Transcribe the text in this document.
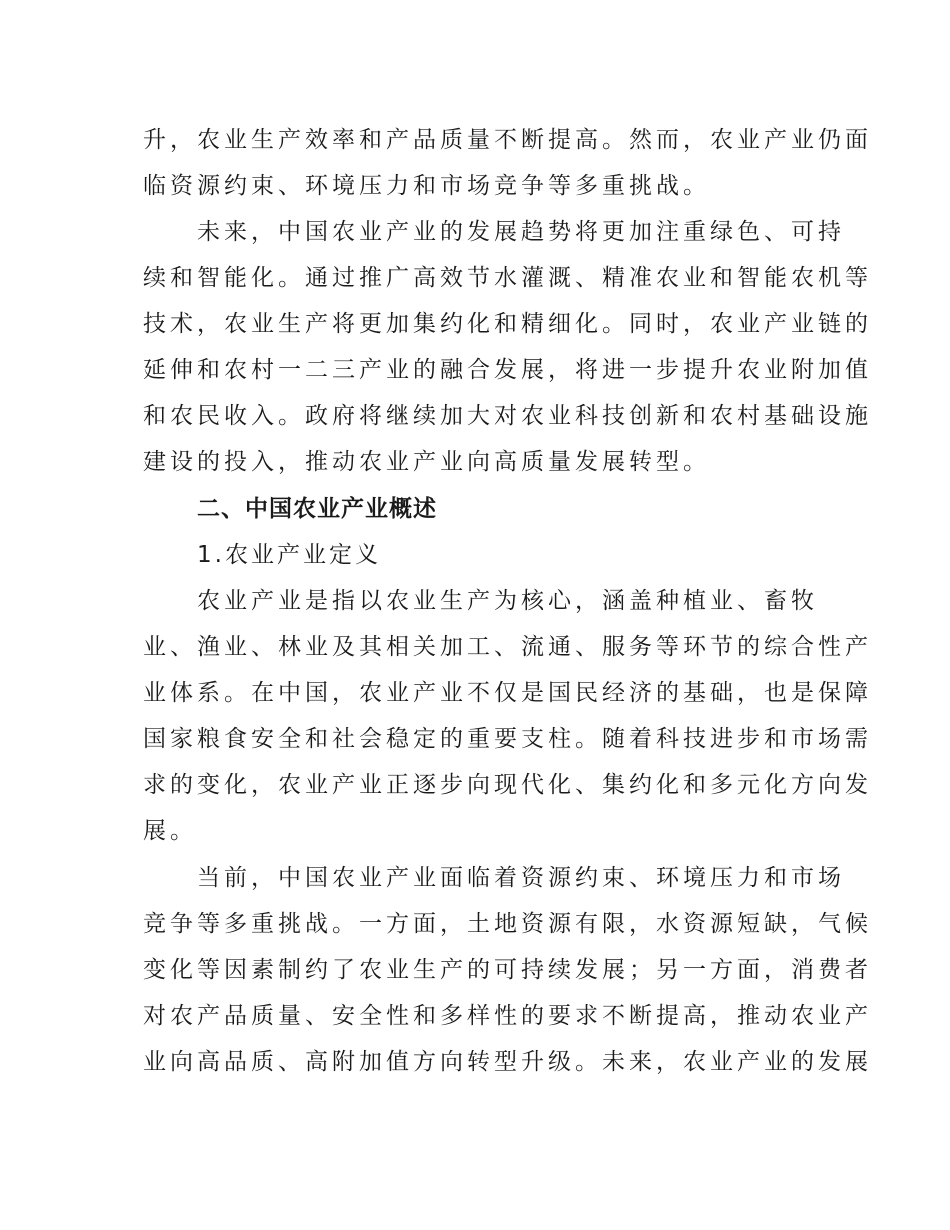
升，农业生产效率和产品质量不断提高。然而，农业产业仍面
临资源约束、环境压力和市场竞争等多重挑战。
未来，中国农业产业的发展趋势将更加注重绿色、可持
续和智能化。通过推广高效节水灌溉、精准农业和智能农机等
技术，农业生产将更加集约化和精细化。同时，农业产业链的
延伸和农村一二三产业的融合发展，将进一步提升农业附加值
和农民收入。政府将继续加大对农业科技创新和农村基础设施
建设的投入，推动农业产业向高质量发展转型。
二、中国农业产业概述
1.农业产业定义
农业产业是指以农业生产为核心，涵盖种植业、畜牧
业、渔业、林业及其相关加工、流通、服务等环节的综合性产
业体系。在中国，农业产业不仅是国民经济的基础，也是保障
国家粮食安全和社会稳定的重要支柱。随着科技进步和市场需
求的变化，农业产业正逐步向现代化、集约化和多元化方向发
展。
当前，中国农业产业面临着资源约束、环境压力和市场
竞争等多重挑战。一方面，土地资源有限，水资源短缺，气候
变化等因素制约了农业生产的可持续发展；另一方面，消费者
对农产品质量、安全性和多样性的要求不断提高，推动农业产
业向高品质、高附加值方向转型升级。未来，农业产业的发展
